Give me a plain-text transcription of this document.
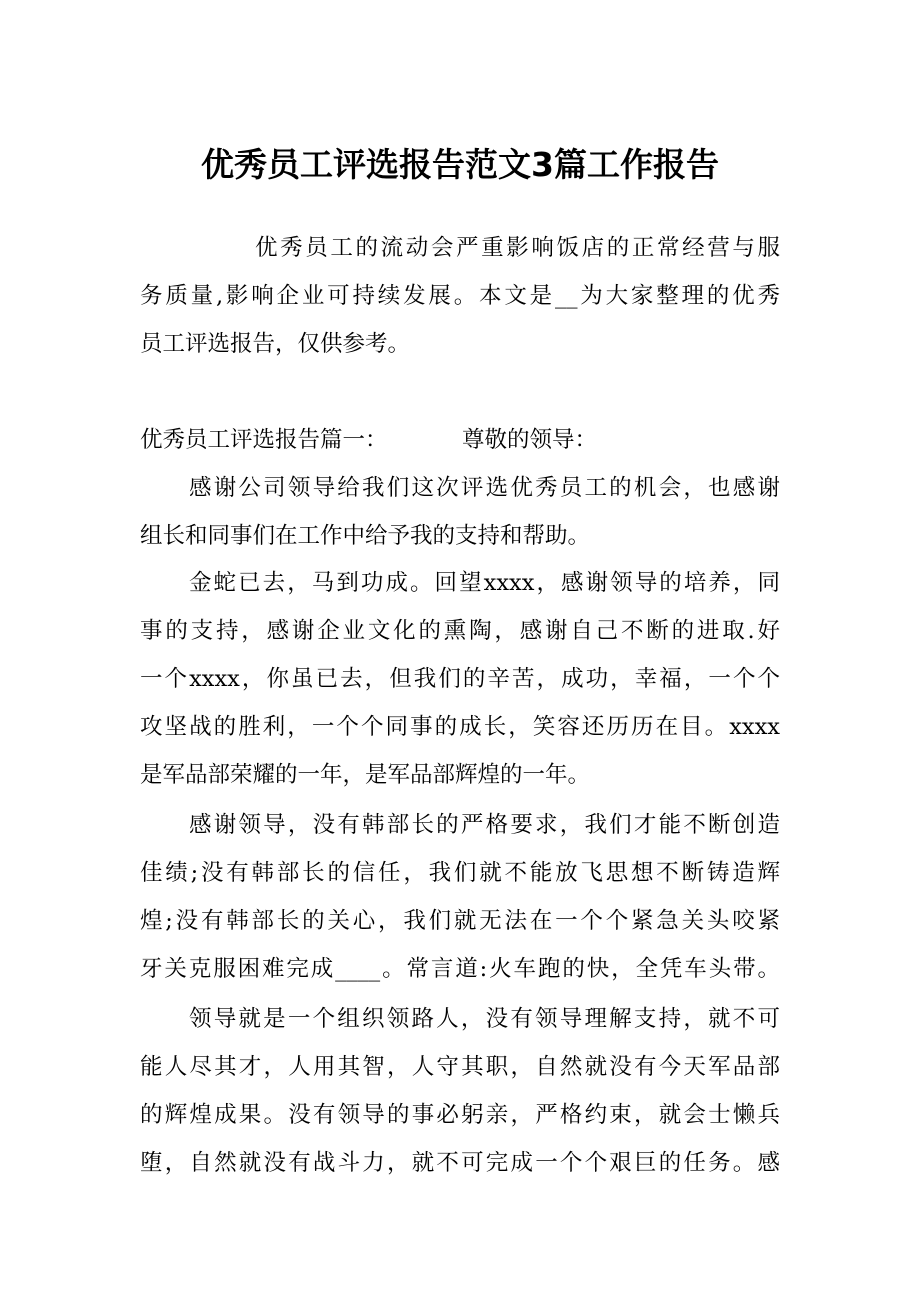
优秀员工评选报告范文3篇工作报告
优秀员工的流动会严重影响饭店的正常经营与服
务质量,影响企业可持续发展。本文是__为大家整理的优秀
员工评选报告，仅供参考。
优秀员工评选报告篇一：	尊敬的领导：
感谢公司领导给我们这次评选优秀员工的机会，也感谢
组长和同事们在工作中给予我的支持和帮助。
金蛇已去，马到功成。回望xxxx，感谢领导的培养，同
事的支持，感谢企业文化的熏陶，感谢自己不断的进取.好
一个xxxx，你虽已去，但我们的辛苦，成功，幸福，一个个
攻坚战的胜利，一个个同事的成长，笑容还历历在目。xxxx
是军品部荣耀的一年，是军品部辉煌的一年。
感谢领导，没有韩部长的严格要求，我们才能不断创造
佳绩;没有韩部长的信任，我们就不能放飞思想不断铸造辉
煌;没有韩部长的关心，我们就无法在一个个紧急关头咬紧
牙关克服困难完成____。常言道:火车跑的快，全凭车头带。
领导就是一个组织领路人，没有领导理解支持，就不可
能人尽其才，人用其智，人守其职，自然就没有今天军品部
的辉煌成果。没有领导的事必躬亲，严格约束，就会士懒兵
堕，自然就没有战斗力，就不可完成一个个艰巨的任务。感
